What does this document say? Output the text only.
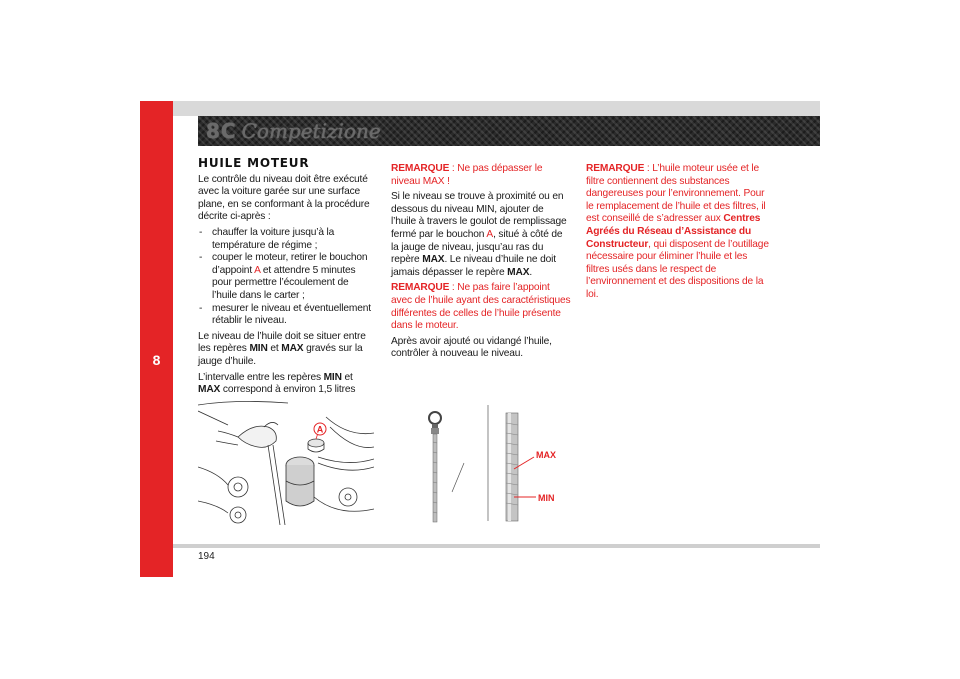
8
8C Competizione
HUILE MOTEUR

Le contrôle du niveau doit être exécuté avec la voiture garée sur une surface plane, en se conformant à la procédure décrite ci-après :

- chauffer la voiture jusqu’à la température de régime ;
- couper le moteur, retirer le bouchon d’appoint A et attendre 5 minutes pour permettre l’écoulement de l’huile dans le carter ;
- mesurer le niveau et éventuellement rétablir le niveau.

Le niveau de l’huile doit se situer entre les repères MIN et MAX gravés sur la jauge d’huile.

L’intervalle entre les repères MIN et MAX correspond à environ 1,5 litres

REMARQUE : Ne pas dépasser le niveau MAX !

Si le niveau se trouve à proximité ou en dessous du niveau MIN, ajouter de l’huile à travers le goulot de remplissage fermé par le bouchon A, situé à côté de la jauge de niveau, jusqu’au ras du repère MAX. Le niveau d’huile ne doit jamais dépasser le repère MAX.

REMARQUE : Ne pas faire l’appoint avec de l’huile ayant des caractéristiques différentes de celles de l’huile présente dans le moteur.

Après avoir ajouté ou vidangé l’huile, contrôler à nouveau le niveau.

REMARQUE : L’huile moteur usée et le filtre contiennent des substances dangereuses pour l’environnement. Pour le remplacement de l’huile et des filtres, il est conseillé de s’adresser aux Centres Agréés du Réseau d’Assistance du Constructeur, qui disposent de l’outillage nécessaire pour éliminer l’huile et les filtres usés dans le respect de l’environnement et des dispositions de la loi.

A
MAX
MIN
194
